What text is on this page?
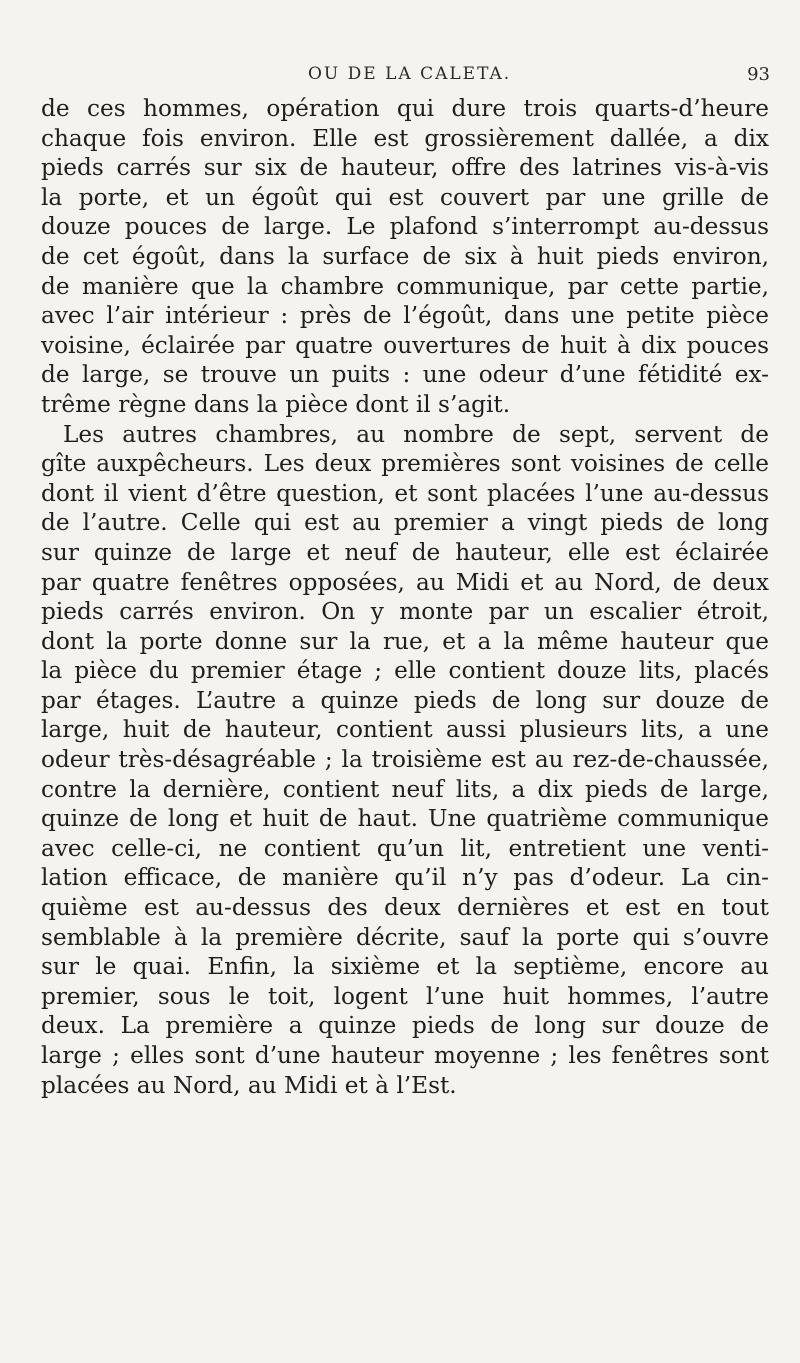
OU DE LA CALETA.	93
de ces hommes, opération qui dure trois quarts-d’heure
chaque fois environ. Elle est grossièrement dallée, a dix
pieds carrés sur six de hauteur, offre des latrines vis-à-vis
la porte, et un égoût qui est couvert par une grille de
douze pouces de large. Le plafond s’interrompt au-dessus
de cet égoût, dans la surface de six à huit pieds environ,
de manière que la chambre communique, par cette partie,
avec l’air intérieur : près de l’égoût, dans une petite pièce
voisine, éclairée par quatre ouvertures de huit à dix pouces
de large, se trouve un puits : une odeur d’une fétidité ex-
trême règne dans la pièce dont il s’agit.
Les autres chambres, au nombre de sept, servent de
gîte auxpêcheurs. Les deux premières sont voisines de celle
dont il vient d’être question, et sont placées l’une au-dessus
de l’autre. Celle qui est au premier a vingt pieds de long
sur quinze de large et neuf de hauteur, elle est éclairée
par quatre fenêtres opposées, au Midi et au Nord, de deux
pieds carrés environ. On y monte par un escalier étroit,
dont la porte donne sur la rue, et a la même hauteur que
la pièce du premier étage ; elle contient douze lits, placés
par étages. L’autre a quinze pieds de long sur douze de
large, huit de hauteur, contient aussi plusieurs lits, a une
odeur très-désagréable ; la troisième est au rez-de-chaussée,
contre la dernière, contient neuf lits, a dix pieds de large,
quinze de long et huit de haut. Une quatrième communique
avec celle-ci, ne contient qu’un lit, entretient une venti-
lation efficace, de manière qu’il n’y pas d’odeur. La cin-
quième est au-dessus des deux dernières et est en tout
semblable à la première décrite, sauf la porte qui s’ouvre
sur le quai. Enfin, la sixième et la septième, encore au
premier, sous le toit, logent l’une huit hommes, l’autre
deux. La première a quinze pieds de long sur douze de
large ; elles sont d’une hauteur moyenne ; les fenêtres sont
placées au Nord, au Midi et à l’Est.
